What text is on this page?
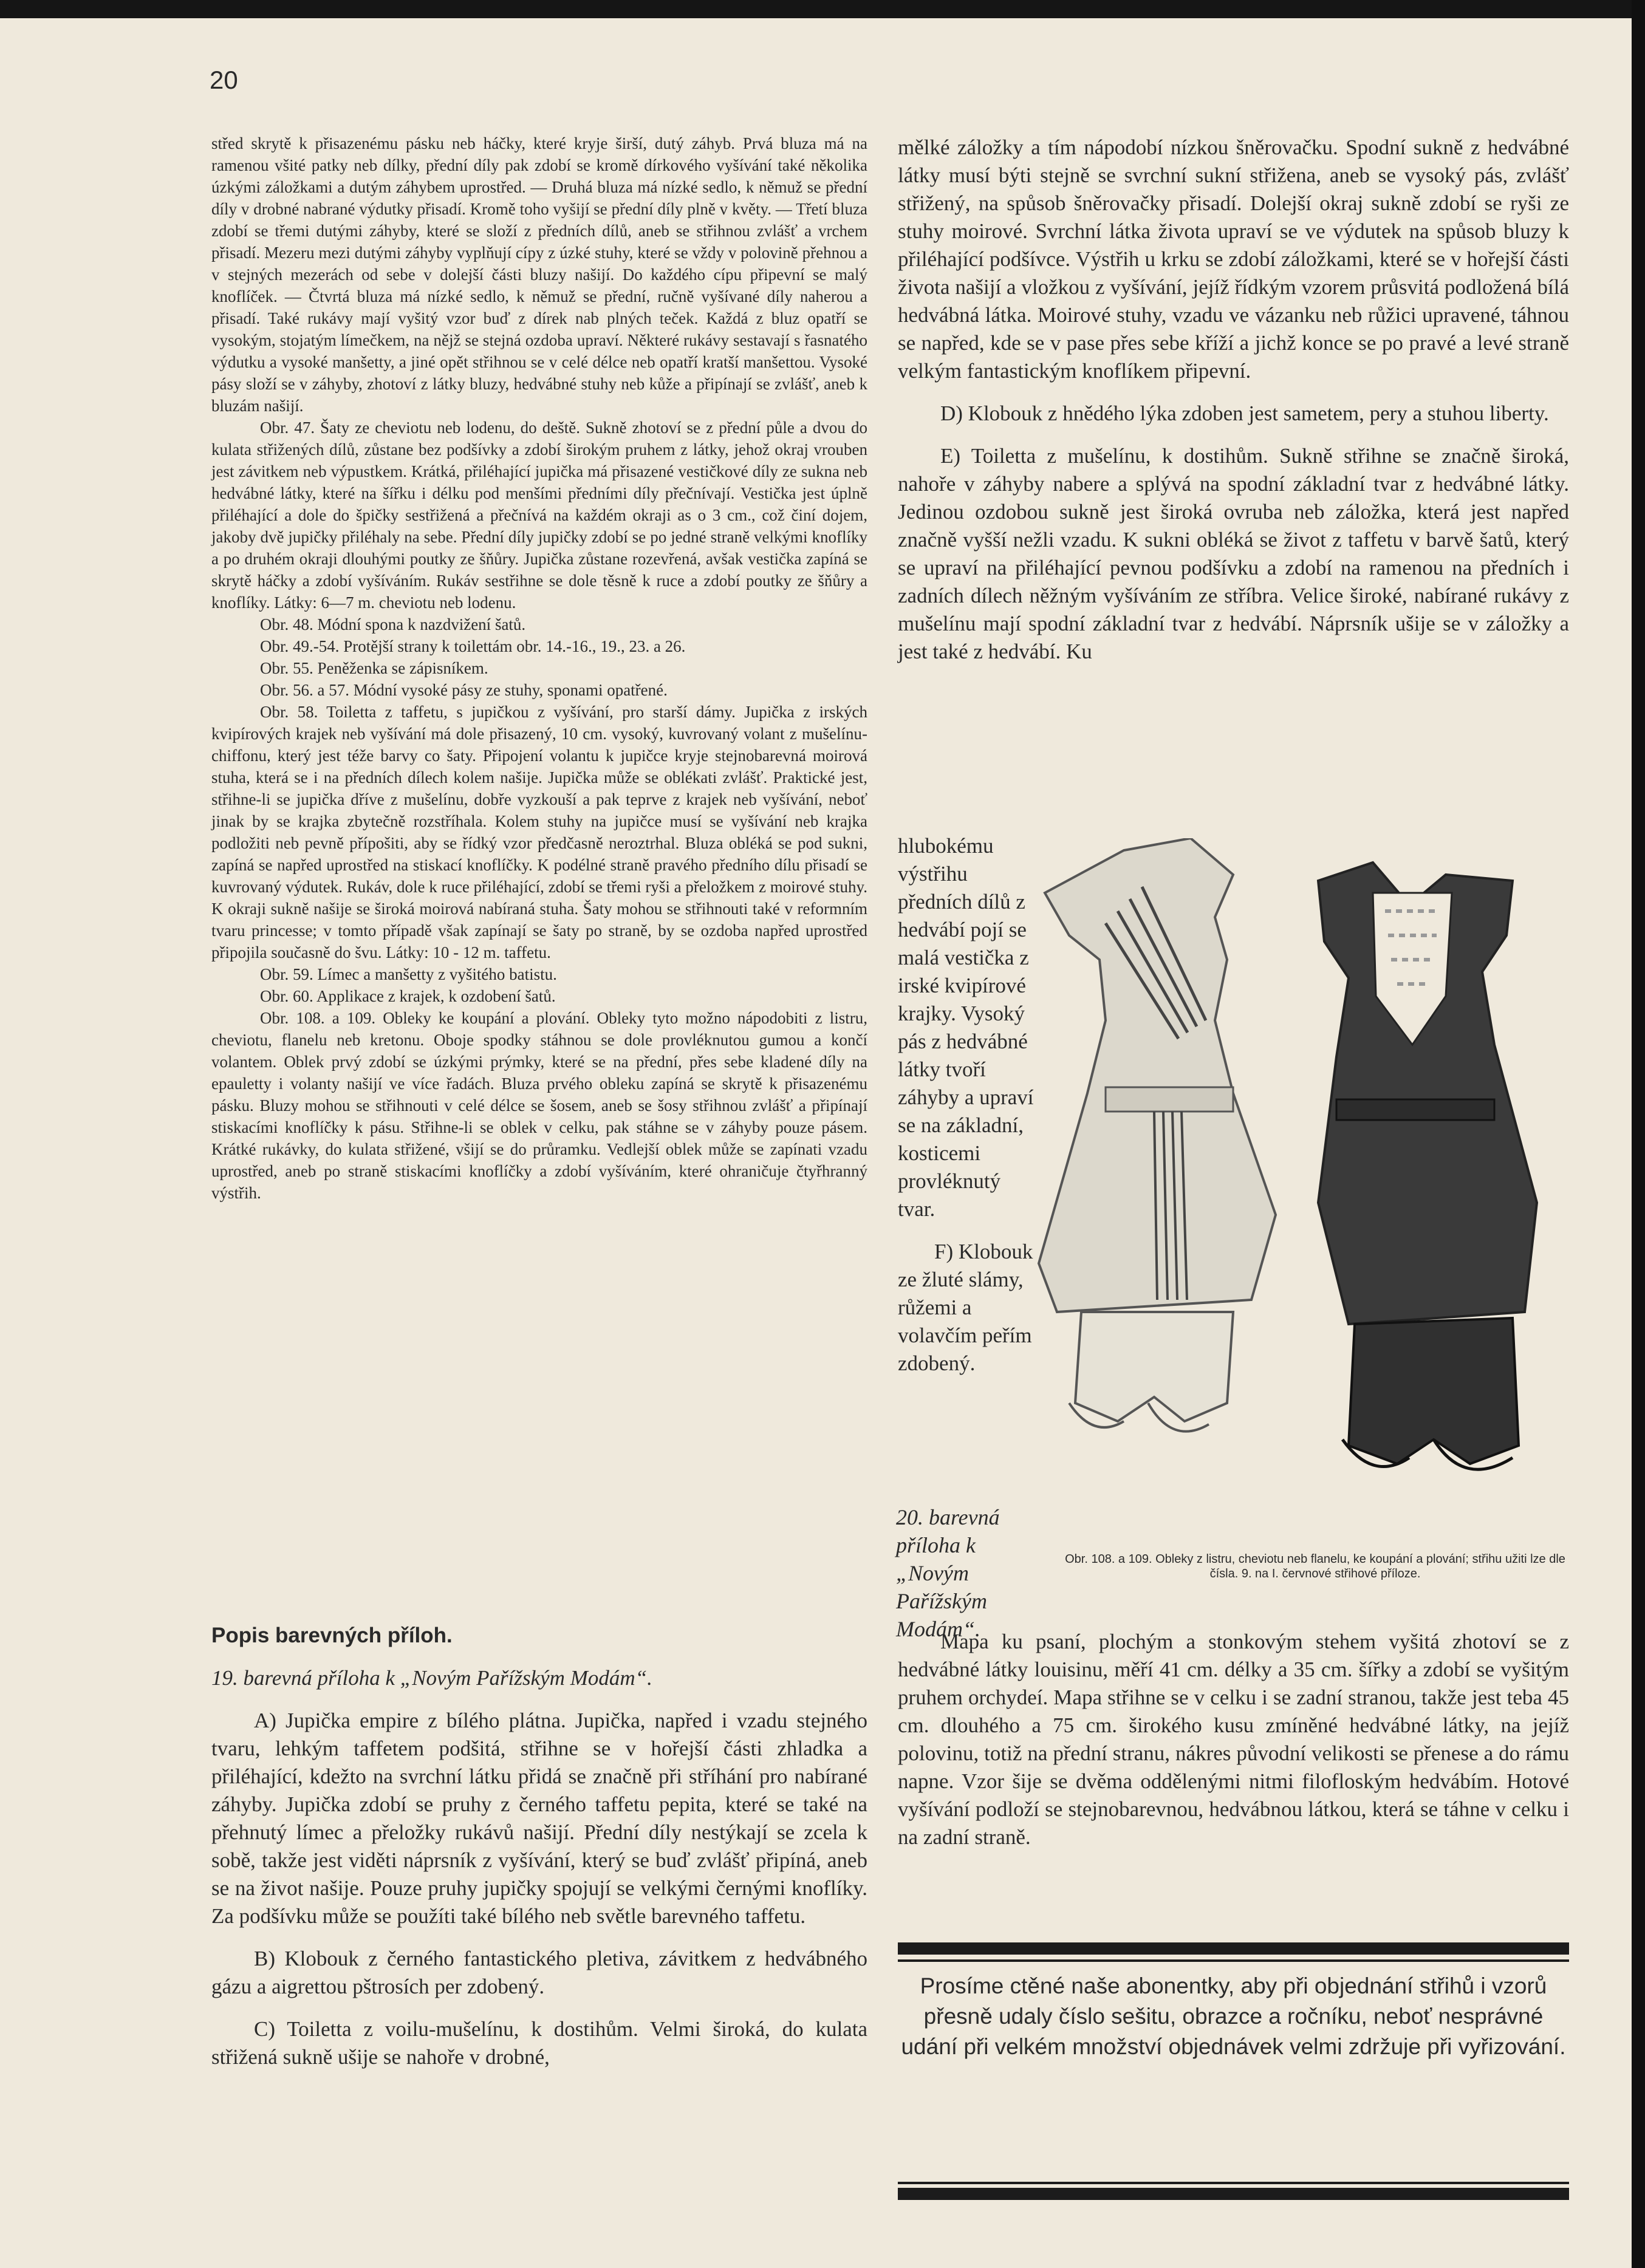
20

střed skrytě k přisazenému pásku neb háčky, které kryje širší, dutý záhyb. Prvá bluza má na ramenou všité patky neb dílky, přední díly pak zdobí se kromě dírkového vyšívání také několika úzkými záložkami a dutým záhybem uprostřed. — Druhá bluza má nízké sedlo, k němuž se přední díly v drobné nabrané výdutky přisadí. Kromě toho vyšijí se přední díly plně v květy. — Třetí bluza zdobí se třemi dutými záhyby, které se složí z předních dílů, aneb se střihnou zvlášť a vrchem přisadí. Mezeru mezi dutými záhyby vyplňují cípy z úzké stuhy, které se vždy v polovině přehnou a v stejných mezerách od sebe v dolejší části bluzy našijí. Do každého cípu připevní se malý knoflíček. — Čtvrtá bluza má nízké sedlo, k němuž se přední, ručně vyšívané díly naherou a přisadí. Také rukávy mají vyšitý vzor buď z dírek nab plných teček. Každá z bluz opatří se vysokým, stojatým límečkem, na nějž se stejná ozdoba upraví. Některé rukávy sestavají s řasnatého výdutku a vysoké manšetty, a jiné opět střihnou se v celé délce neb opatří kratší manšettou. Vysoké pásy složí se v záhyby, zhotoví z látky bluzy, hedvábné stuhy neb kůže a připínají se zvlášť, aneb k bluzám našijí.

Obr. 47. Šaty ze cheviotu neb lodenu, do deště. Sukně zhotoví se z přední půle a dvou do kulata střižených dílů, zůstane bez podšívky a zdobí širokým pruhem z látky, jehož okraj vrouben jest závitkem neb výpustkem. Krátká, přiléhající jupička má přisazené vestičkové díly ze sukna neb hedvábné látky, které na šířku i délku pod menšími předními díly přečnívají. Vestička jest úplně přiléhající a dole do špičky sestřižená a přečnívá na každém okraji as o 3 cm., což činí dojem, jakoby dvě jupičky přiléhaly na sebe. Přední díly jupičky zdobí se po jedné straně velkými knoflíky a po druhém okraji dlouhými poutky ze šňůry. Jupička zůstane rozevřená, avšak vestička zapíná se skrytě háčky a zdobí vyšíváním. Rukáv sestřihne se dole těsně k ruce a zdobí poutky ze šňůry a knoflíky. Látky: 6—7 m. cheviotu neb lodenu.

Obr. 48. Módní spona k nazdvižení šatů.

Obr. 49.-54. Protější strany k toilettám obr. 14.-16., 19., 23. a 26.

Obr. 55. Peněženka se zápisníkem.

Obr. 56. a 57. Módní vysoké pásy ze stuhy, sponami opatřené.

Obr. 58. Toiletta z taffetu, s jupičkou z vyšívání, pro starší dámy. Jupička z irských kvipírových krajek neb vyšívání má dole přisazený, 10 cm. vysoký, kuvrovaný volant z mušelínu-chiffonu, který jest téže barvy co šaty. Připojení volantu k jupičce kryje stejnobarevná moirová stuha, která se i na předních dílech kolem našije. Jupička může se oblékati zvlášť. Praktické jest, střihne-li se jupička dříve z mušelínu, dobře vyzkouší a pak teprve z krajek neb vyšívání, neboť jinak by se krajka zbytečně rozstříhala. Kolem stuhy na jupičce musí se vyšívání neb krajka podložiti neb pevně přípošiti, aby se řídký vzor předčasně neroztrhal. Bluza obléká se pod sukni, zapíná se napřed uprostřed na stiskací knoflíčky. K podélné straně pravého předního dílu přisadí se kuvrovaný výdutek. Rukáv, dole k ruce přiléhající, zdobí se třemi ryši a přeložkem z moirové stuhy. K okraji sukně našije se široká moirová nabíraná stuha. Šaty mohou se střihnouti také v reformním tvaru princesse; v tomto případě však zapínají se šaty po straně, by se ozdoba napřed uprostřed připojila současně do švu. Látky: 10 - 12 m. taffetu.

Obr. 59. Límec a manšetty z vyšitého batistu.

Obr. 60. Applikace z krajek, k ozdobení šatů.

Obr. 108. a 109. Obleky ke koupání a plování. Obleky tyto možno nápodobiti z listru, cheviotu, flanelu neb kretonu. Oboje spodky stáhnou se dole provléknutou gumou a končí volantem. Oblek prvý zdobí se úzkými prýmky, které se na přední, přes sebe kladené díly na epauletty i volanty našijí ve více řadách. Bluza prvého obleku zapíná se skrytě k přisazenému pásku. Bluzy mohou se střihnouti v celé délce se šosem, aneb se šosy střihnou zvlášť a připínají stiskacími knoflíčky k pásu. Střihne-li se oblek v celku, pak stáhne se v záhyby pouze pásem. Krátké rukávky, do kulata střižené, všijí se do průramku. Vedlejší oblek může se zapínati vzadu uprostřed, aneb po straně stiskacími knoflíčky a zdobí vyšíváním, které ohraničuje čtyřhranný výstřih.

Popis barevných příloh.

19. barevná příloha k „Novým Pařížským Modám“.

A) Jupička empire z bílého plátna. Jupička, napřed i vzadu stejného tvaru, lehkým taffetem podšitá, střihne se v hořejší části zhladka a přiléhající, kdežto na svrchní látku přidá se značně při stříhání pro nabírané záhyby. Jupička zdobí se pruhy z černého taffetu pepita, které se také na přehnutý límec a přeložky rukávů našijí. Přední díly nestýkají se zcela k sobě, takže jest viděti náprsník z vyšívání, který se buď zvlášť připíná, aneb se na život našije. Pouze pruhy jupičky spojují se velkými černými knoflíky. Za podšívku může se použíti také bílého neb světle barevného taffetu.

B) Klobouk z černého fantastického pletiva, závitkem z hedvábného gázu a aigrettou pštrosích per zdobený.

C) Toiletta z voilu-mušelínu, k dostihům. Velmi široká, do kulata střižená sukně ušije se nahoře v drobné,

mělké záložky a tím nápodobí nízkou šněrovačku. Spodní sukně z hedvábné látky musí býti stejně se svrchní sukní střižena, aneb se vysoký pás, zvlášť střižený, na spůsob šněrovačky přisadí. Dolejší okraj sukně zdobí se ryši ze stuhy moirové. Svrchní látka života upraví se ve výdutek na spůsob bluzy k přiléhající podšívce. Výstřih u krku se zdobí záložkami, které se v hořejší části života našijí a vložkou z vyšívání, jejíž řídkým vzorem průsvitá podložená bílá hedvábná látka. Moirové stuhy, vzadu ve vázanku neb růžici upravené, táhnou se napřed, kde se v pase přes sebe kříží a jichž konce se po pravé a levé straně velkým fantastickým knoflíkem připevní.

D) Klobouk z hnědého lýka zdoben jest sametem, pery a stuhou liberty.

E) Toiletta z mušelínu, k dostihům. Sukně střihne se značně široká, nahoře v záhyby nabere a splývá na spodní základní tvar z hedvábné látky. Jedinou ozdobou sukně jest široká ovruba neb záložka, která jest napřed značně vyšší nežli vzadu. K sukni obléká se život z taffetu v barvě šatů, který se upraví na přiléhající pevnou podšívku a zdobí na ramenou na předních i zadních dílech něžným vyšíváním ze stříbra. Velice široké, nabírané rukávy z mušelínu mají spodní základní tvar z hedvábí. Náprsník ušije se v záložky a jest také z hedvábí. Ku

hlubokému výstřihu předních dílů z hedvábí pojí se malá vestička z irské kvipírové krajky. Vysoký pás z hedvábné látky tvoří záhyby a upraví se na základní, kosticemi provléknutý tvar.

F) Klobouk ze žluté slámy, růžemi a volavčím peřím zdobený.

20. barevná příloha k „Novým Pařížským Modám“.
Obr. 108. a 109. Obleky z listru, cheviotu neb flanelu, ke koupání a plování; střihu užiti lze dle čísla. 9. na I. červnové střihové příloze.

Mapa ku psaní, plochým a stonkovým stehem vyšitá zhotoví se z hedvábné látky louisinu, měří 41 cm. délky a 35 cm. šířky a zdobí se vyšitým pruhem orchydeí. Mapa střihne se v celku i se zadní stranou, takže jest teba 45 cm. dlouhého a 75 cm. širokého kusu zmíněné hedvábné látky, na jejíž polovinu, totiž na přední stranu, nákres původní velikosti se přenese a do rámu napne. Vzor šije se dvěma oddělenými nitmi filofloským hedvábím. Hotové vyšívání podloží se stejnobarevnou, hedvábnou látkou, která se táhne v celku i na zadní straně.

Prosíme ctěné naše abonentky, aby při objednání střihů i vzorů přesně udaly číslo sešitu, obrazce a ročníku, neboť nesprávné udání při velkém množství objednávek velmi zdržuje při vyřizování.
